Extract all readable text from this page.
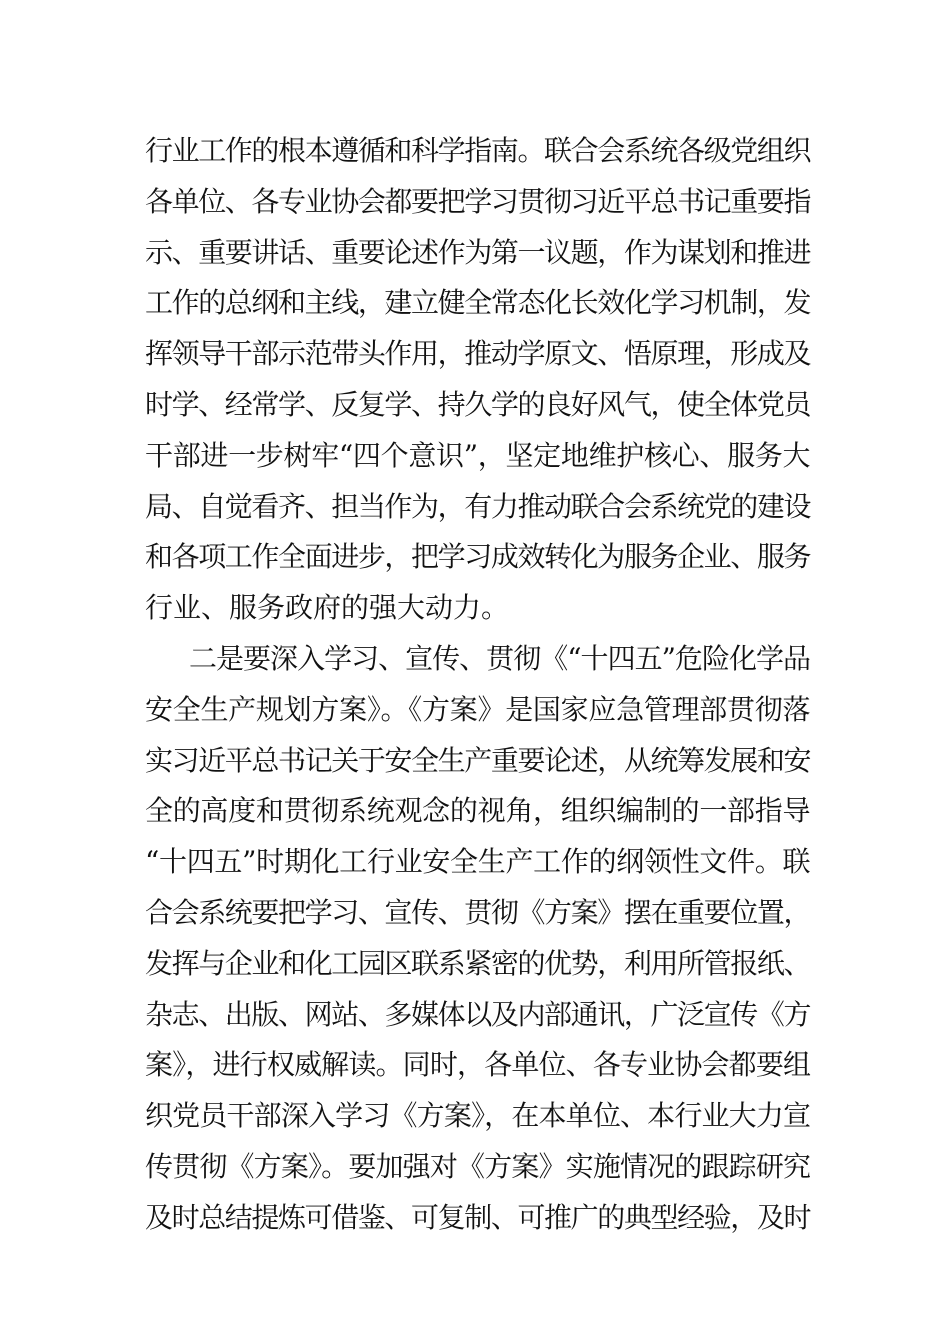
行业工作的根本遵循和科学指南。联合会系统各级党组织
各单位、各专业协会都要把学习贯彻习近平总书记重要指
示、重要讲话、重要论述作为第一议题，作为谋划和推进
工作的总纲和主线，建立健全常态化长效化学习机制，发
挥领导干部示范带头作用，推动学原文、悟原理，形成及
时学、经常学、反复学、持久学的良好风气，使全体党员
干部进一步树牢“四个意识”，坚定地维护核心、服务大
局、自觉看齐、担当作为，有力推动联合会系统党的建设
和各项工作全面进步，把学习成效转化为服务企业、服务
行业、服务政府的强大动力。
二是要深入学习、宣传、贯彻《“十四五”危险化学品
安全生产规划方案》。《方案》是国家应急管理部贯彻落
实习近平总书记关于安全生产重要论述，从统筹发展和安
全的高度和贯彻系统观念的视角，组织编制的一部指导
“十四五”时期化工行业安全生产工作的纲领性文件。联
合会系统要把学习、宣传、贯彻《方案》摆在重要位置，
发挥与企业和化工园区联系紧密的优势，利用所管报纸、
杂志、出版、网站、多媒体以及内部通讯，广泛宣传《方
案》，进行权威解读。同时，各单位、各专业协会都要组
织党员干部深入学习《方案》，在本单位、本行业大力宣
传贯彻《方案》。要加强对《方案》实施情况的跟踪研究
及时总结提炼可借鉴、可复制、可推广的典型经验，及时
